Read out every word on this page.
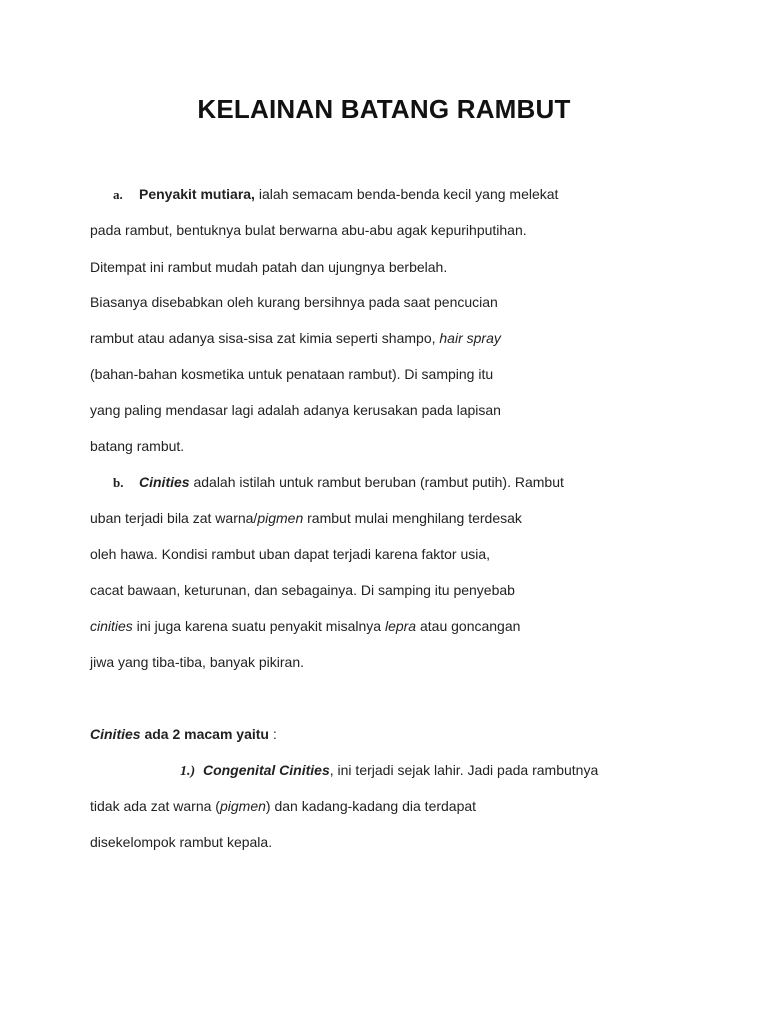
KELAINAN BATANG RAMBUT
a. Penyakit mutiara, ialah semacam benda-benda kecil yang melekat
pada rambut, bentuknya bulat berwarna abu-abu agak kepurihputihan.
Ditempat ini rambut mudah patah dan ujungnya berbelah.
Biasanya disebabkan oleh kurang bersihnya pada saat pencucian
rambut atau adanya sisa-sisa zat kimia seperti shampo, hair spray
(bahan-bahan kosmetika untuk penataan rambut). Di samping itu
yang paling mendasar lagi adalah adanya kerusakan pada lapisan
batang rambut.
b. Cinities adalah istilah untuk rambut beruban (rambut putih). Rambut
uban terjadi bila zat warna/pigmen rambut mulai menghilang terdesak
oleh hawa. Kondisi rambut uban dapat terjadi karena faktor usia,
cacat bawaan, keturunan, dan sebagainya. Di samping itu penyebab
cinities ini juga karena suatu penyakit misalnya lepra atau goncangan
jiwa yang tiba-tiba, banyak pikiran.
Cinities ada 2 macam yaitu :
1.) Congenital Cinities, ini terjadi sejak lahir. Jadi pada rambutnya
tidak ada zat warna (pigmen) dan kadang-kadang dia terdapat
disekelompok rambut kepala.
